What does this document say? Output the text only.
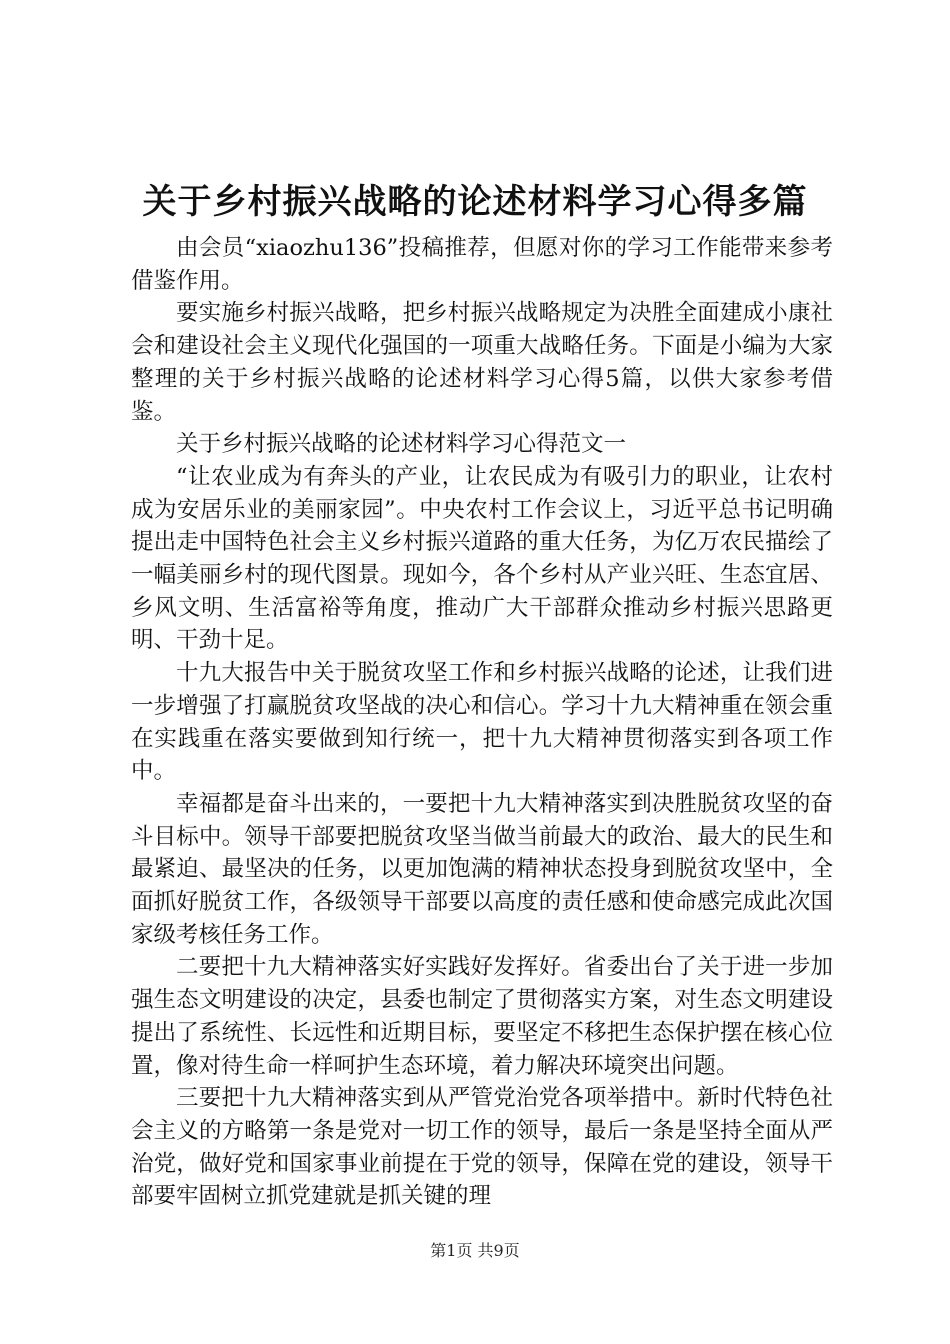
关于乡村振兴战略的论述材料学习心得多篇

由会员“xiaozhu136”投稿推荐，但愿对你的学习工作能带来参考借鉴作用。

要实施乡村振兴战略，把乡村振兴战略规定为决胜全面建成小康社会和建设社会主义现代化强国的一项重大战略任务。下面是小编为大家整理的关于乡村振兴战略的论述材料学习心得5篇，以供大家参考借鉴。

关于乡村振兴战略的论述材料学习心得范文一

“让农业成为有奔头的产业，让农民成为有吸引力的职业，让农村成为安居乐业的美丽家园”。中央农村工作会议上，习近平总书记明确提出走中国特色社会主义乡村振兴道路的重大任务，为亿万农民描绘了一幅美丽乡村的现代图景。现如今，各个乡村从产业兴旺、生态宜居、乡风文明、生活富裕等角度，推动广大干部群众推动乡村振兴思路更明、干劲十足。

十九大报告中关于脱贫攻坚工作和乡村振兴战略的论述，让我们进一步增强了打赢脱贫攻坚战的决心和信心。学习十九大精神重在领会重在实践重在落实要做到知行统一，把十九大精神贯彻落实到各项工作中。

幸福都是奋斗出来的，一要把十九大精神落实到决胜脱贫攻坚的奋斗目标中。领导干部要把脱贫攻坚当做当前最大的政治、最大的民生和最紧迫、最坚决的任务，以更加饱满的精神状态投身到脱贫攻坚中，全面抓好脱贫工作，各级领导干部要以高度的责任感和使命感完成此次国家级考核任务工作。

二要把十九大精神落实好实践好发挥好。省委出台了关于进一步加强生态文明建设的决定，县委也制定了贯彻落实方案，对生态文明建设提出了系统性、长远性和近期目标，要坚定不移把生态保护摆在核心位置，像对待生命一样呵护生态环境，着力解决环境突出问题。

三要把十九大精神落实到从严管党治党各项举措中。新时代特色社会主义的方略第一条是党对一切工作的领导，最后一条是坚持全面从严治党，做好党和国家事业前提在于党的领导，保障在党的建设，领导干部要牢固树立抓党建就是抓关键的理

第1页 共9页
